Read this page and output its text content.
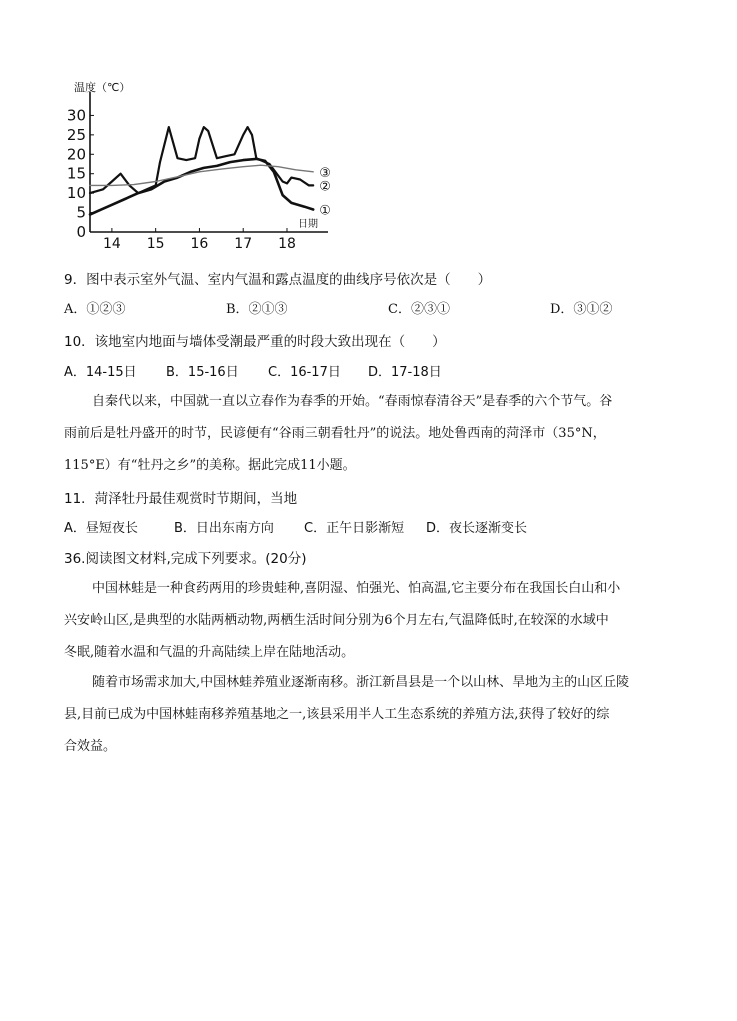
温度（℃）
0
5
10
15
20
25
30
14 15 16 17 18
①
②
③
日期
9．图中表示室外气温、室内气温和露点温度的曲线序号依次是（　　）
A．①②③	B．②①③	C．②③①	D．③①②
10．该地室内地面与墙体受潮最严重的时段大致出现在（　　）
A．14-15日 B．15-16日 C．16-17日 D．17-18日
自秦代以来，中国就一直以立春作为春季的开始。“春雨惊春清谷天”是春季的六个节气。谷
雨前后是牡丹盛开的时节，民谚便有“谷雨三朝看牡丹”的说法。地处鲁西南的菏泽市（35°N，
115°E）有“牡丹之乡”的美称。据此完成11小题。
11．菏泽牡丹最佳观赏时节期间，当地
A．昼短夜长	B．日出东南方向 C．正午日影渐短 D．夜长逐渐变长
36.阅读图文材料,完成下列要求。(20分)
中国林蛙是一种食药两用的珍贵蛙种,喜阴湿、怕强光、怕高温,它主要分布在我国长白山和小
兴安岭山区,是典型的水陆两栖动物,两栖生活时间分别为6个月左右,气温降低时,在较深的水域中
冬眠,随着水温和气温的升高陆续上岸在陆地活动。
随着市场需求加大,中国林蛙养殖业逐渐南移。浙江新昌县是一个以山林、旱地为主的山区丘陵
县,目前已成为中国林蛙南移养殖基地之一,该县采用半人工生态系统的养殖方法,获得了较好的综
合效益。
